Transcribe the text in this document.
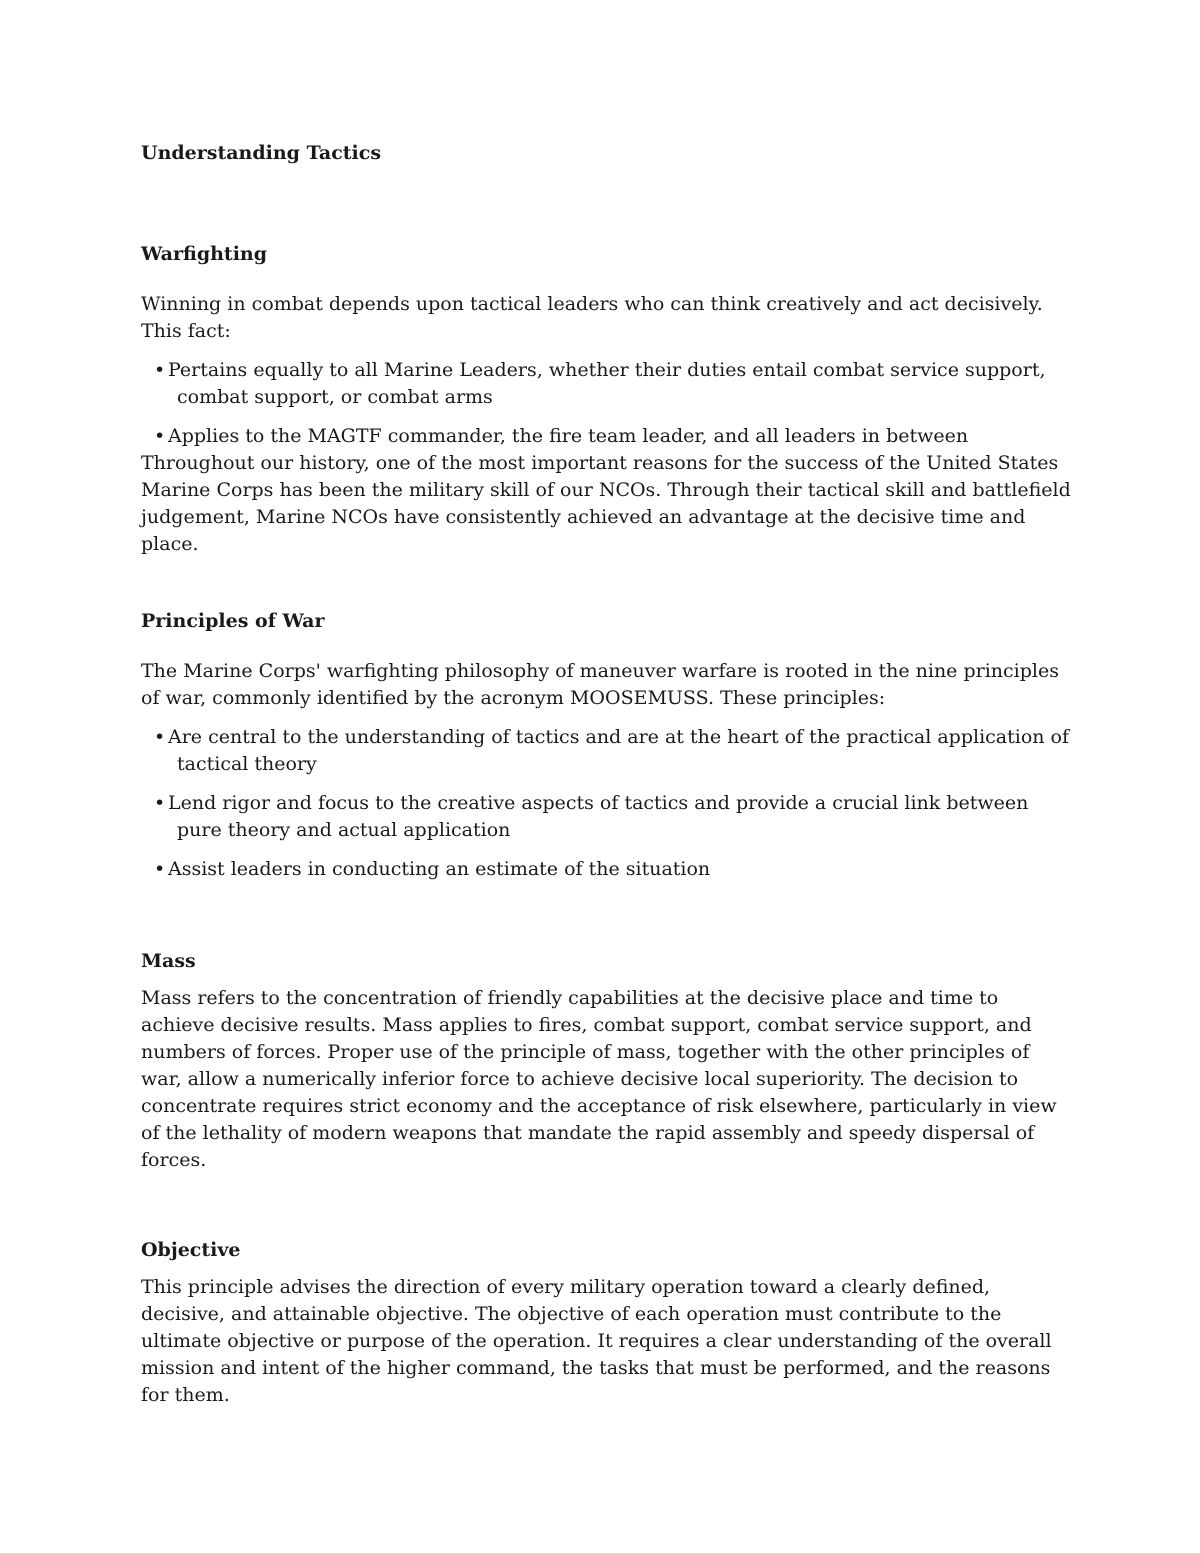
Understanding Tactics
Warfighting

Winning in combat depends upon tactical leaders who can think creatively and act decisively. This fact:

• Pertains equally to all Marine Leaders, whether their duties entail combat service support, combat support, or combat arms
• Applies to the MAGTF commander, the fire team leader, and all leaders in between

Throughout our history, one of the most important reasons for the success of the United States Marine Corps has been the military skill of our NCOs. Through their tactical skill and battlefield judgement, Marine NCOs have consistently achieved an advantage at the decisive time and place.

Principles of War

The Marine Corps' warfighting philosophy of maneuver warfare is rooted in the nine principles of war, commonly identified by the acronym MOOSEMUSS. These principles:

• Are central to the understanding of tactics and are at the heart of the practical application of tactical theory
• Lend rigor and focus to the creative aspects of tactics and provide a crucial link between pure theory and actual application
• Assist leaders in conducting an estimate of the situation
Mass

Mass refers to the concentration of friendly capabilities at the decisive place and time to achieve decisive results. Mass applies to fires, combat support, combat service support, and numbers of forces. Proper use of the principle of mass, together with the other principles of war, allow a numerically inferior force to achieve decisive local superiority. The decision to concentrate requires strict economy and the acceptance of risk elsewhere, particularly in view of the lethality of modern weapons that mandate the rapid assembly and speedy dispersal of forces.

Objective

This principle advises the direction of every military operation toward a clearly defined, decisive, and attainable objective. The objective of each operation must contribute to the ultimate objective or purpose of the operation. It requires a clear understanding of the overall mission and intent of the higher command, the tasks that must be performed, and the reasons for them.
